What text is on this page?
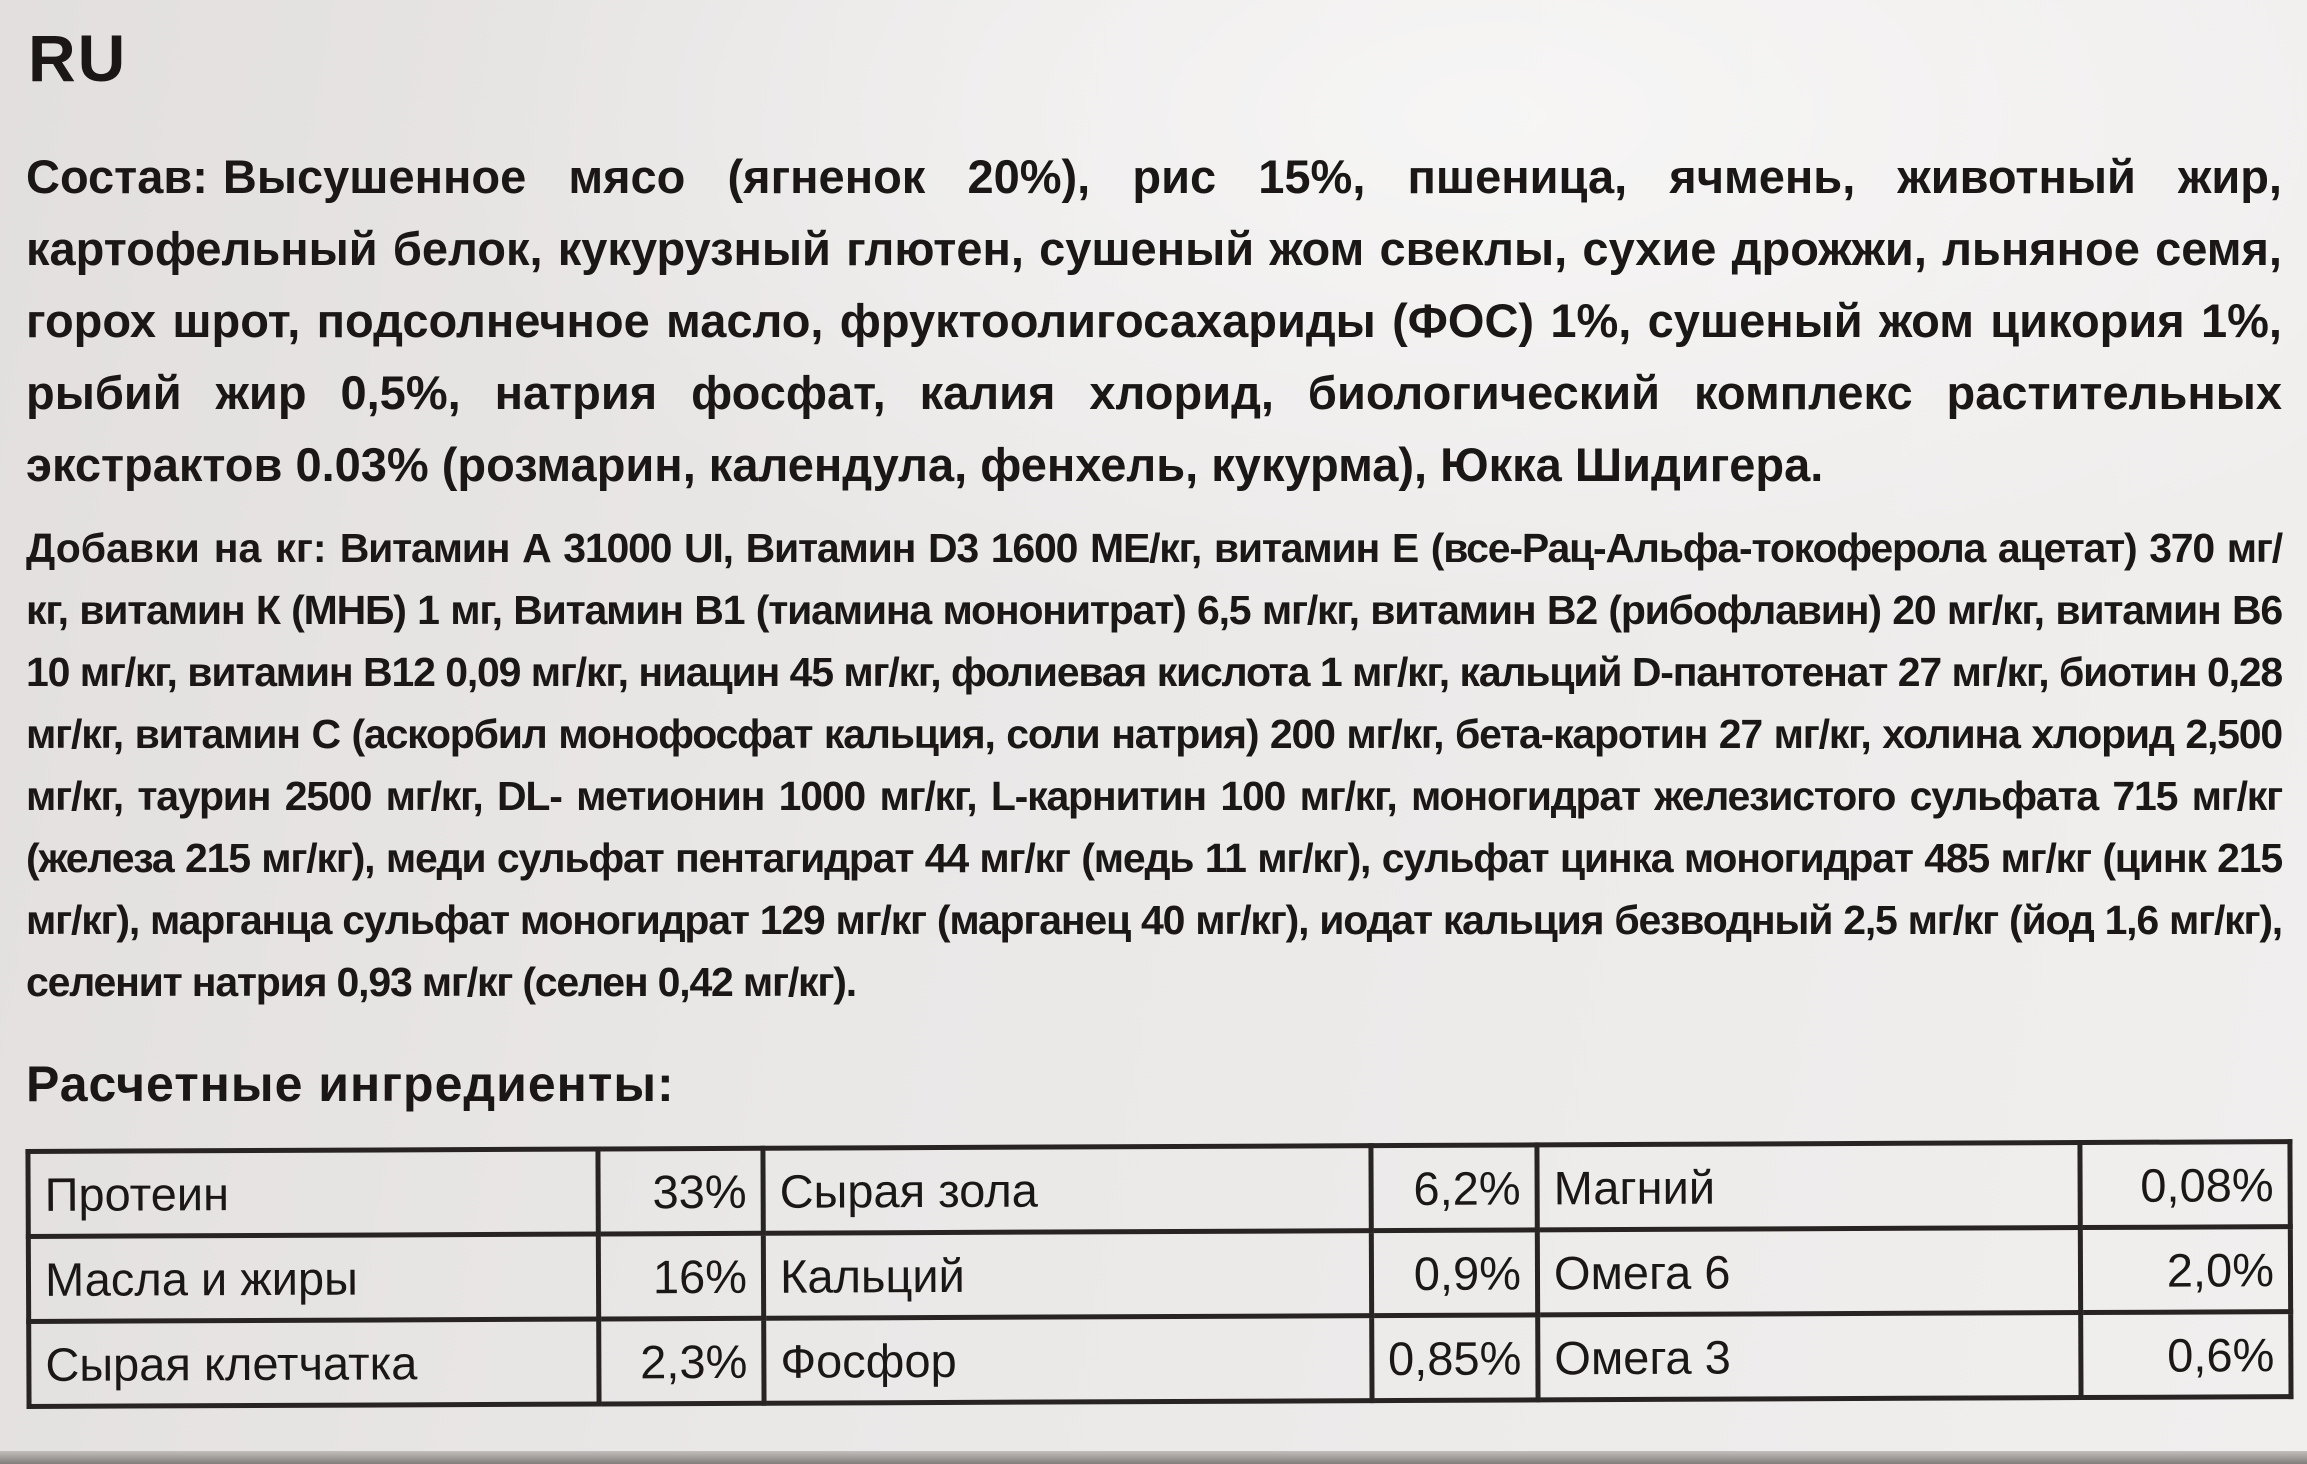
RU

Состав: Высушенное мясо (ягненок 20%), рис 15%, пшеница, ячмень, животный жир, картофельный белок, кукурузный глютен, сушеный жом свеклы, сухие дрожжи, льняное семя, горох шрот, подсолнечное масло, фруктоолигосахариды (ФОС) 1%, сушеный жом цикория 1%, рыбий жир 0,5%, натрия фосфат, калия хлорид, биологический комплекс растительных экстрактов 0.03% (розмарин, календула, фенхель, кукурма), Юкка Шидигера.

Добавки на кг: Витамин А 31000 UI, Витамин D3 1600 МЕ/кг, витамин Е (все-Рац-Альфа-токоферола ацетат) 370 мг/кг, витамин К (МНБ) 1 мг, Витамин В1 (тиамина мононитрат) 6,5 мг/кг, витамин В2 (рибофлавин) 20 мг/кг, витамин В6 10 мг/кг, витамин В12 0,09 мг/кг, ниацин 45 мг/кг, фолиевая кислота 1 мг/кг, кальций D-пантотенат 27 мг/кг, биотин 0,28 мг/кг, витамин С (аскорбил монофосфат кальция, соли натрия) 200 мг/кг, бета-каротин 27 мг/кг, холина хлорид 2,500 мг/кг, таурин 2500 мг/кг, DL- метионин 1000 мг/кг, L-карнитин 100 мг/кг, моногидрат железистого сульфата 715 мг/кг (железа 215 мг/кг), меди сульфат пентагидрат 44 мг/кг (медь 11 мг/кг), сульфат цинка моногидрат 485 мг/кг (цинк 215 мг/кг), марганца сульфат моногидрат 129 мг/кг (марганец 40 мг/кг), иодат кальция безводный 2,5 мг/кг (йод 1,6 мг/кг), селенит натрия 0,93 мг/кг (селен 0,42 мг/кг).

Расчетные ингредиенты:
Протеин	33%	Сырая зола	6,2%	Магний	0,08%
Масла и жиры	16%	Кальций	0,9%	Омега 6	2,0%
Сырая клетчатка	2,3%	Фосфор	0,85%	Омега 3	0,6%
